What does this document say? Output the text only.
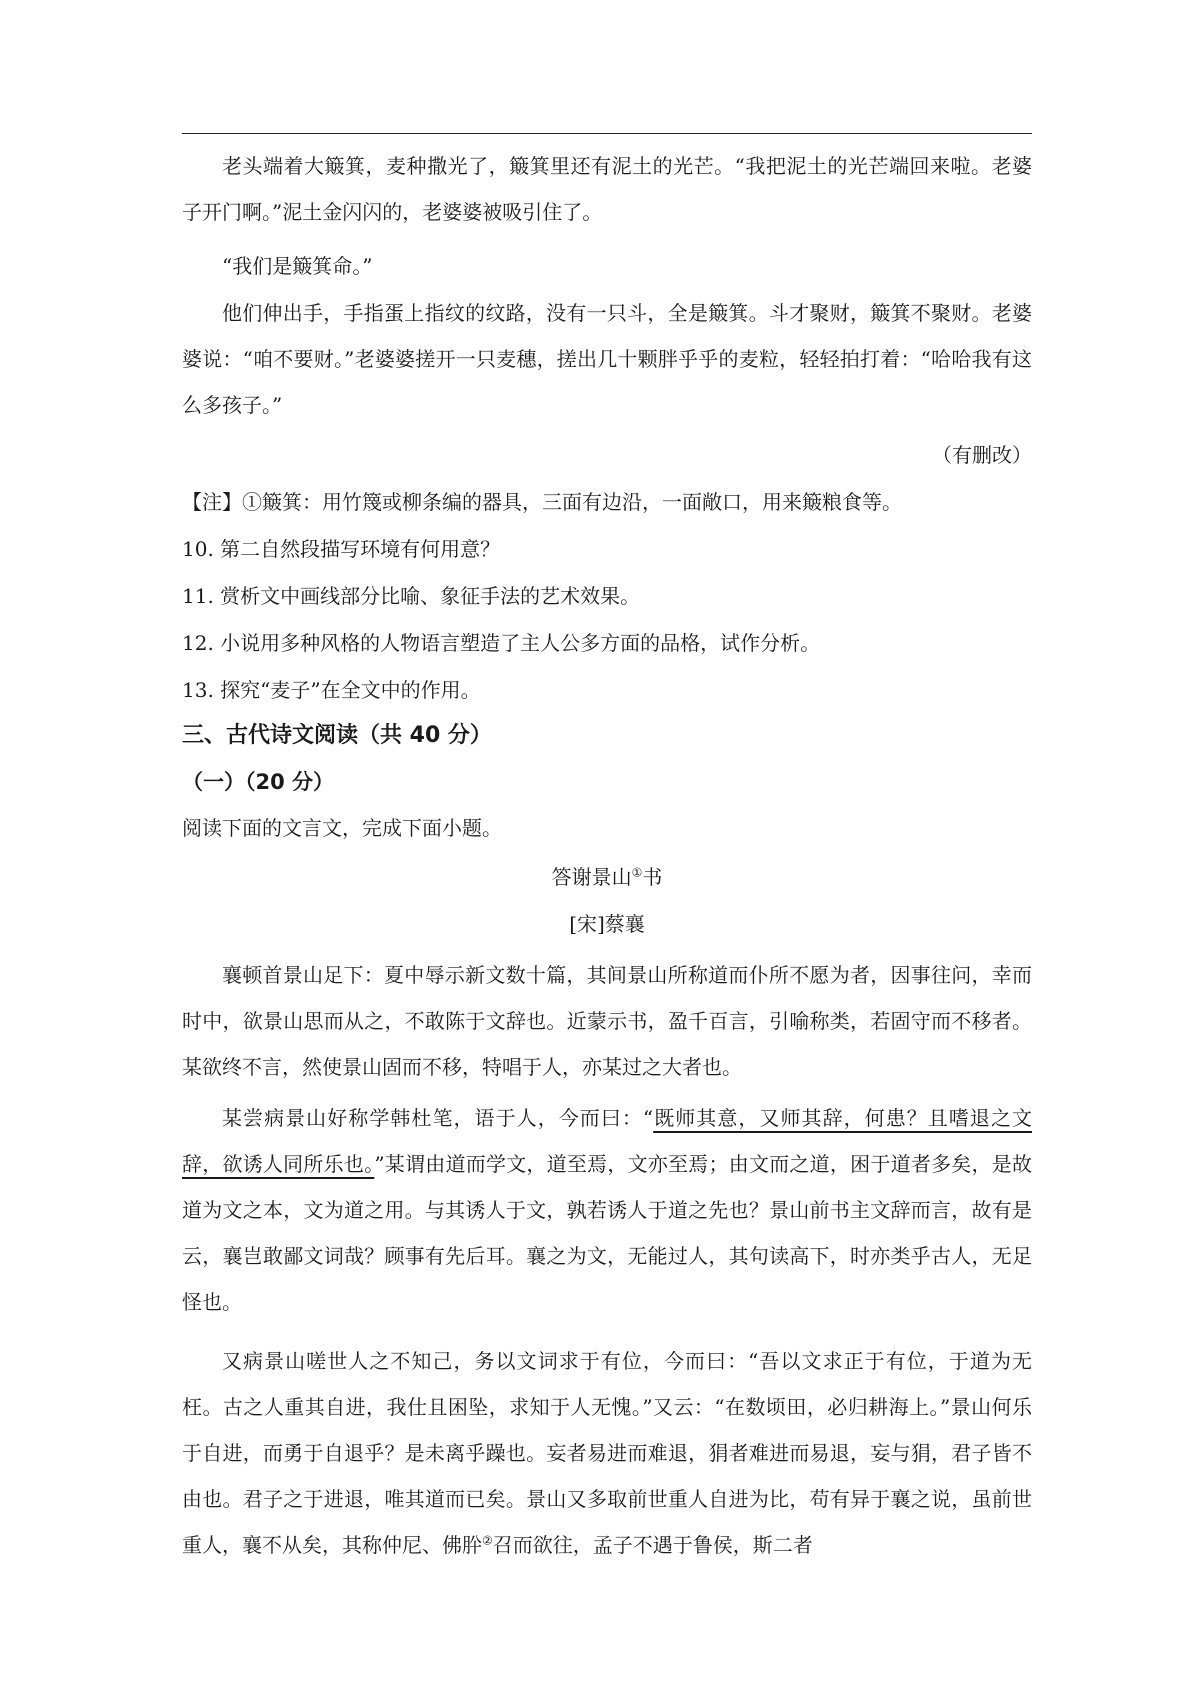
老头端着大簸箕，麦种撒光了，簸箕里还有泥土的光芒。“我把泥土的光芒端回来啦。老婆子开门啊。”泥土金闪闪的，老婆婆被吸引住了。

“我们是簸箕命。”

他们伸出手，手指蛋上指纹的纹路，没有一只斗，全是簸箕。斗才聚财，簸箕不聚财。老婆婆说：“咱不要财。”老婆婆搓开一只麦穗，搓出几十颗胖乎乎的麦粒，轻轻拍打着：“哈哈我有这么多孩子。”

（有删改）
【注】①簸箕：用竹篾或柳条编的器具，三面有边沿，一面敞口，用来簸粮食等。
10. 第二自然段描写环境有何用意？
11. 赏析文中画线部分比喻、象征手法的艺术效果。
12. 小说用多种风格的人物语言塑造了主人公多方面的品格，试作分析。
13. 探究“麦子”在全文中的作用。
三、古代诗文阅读（共 40 分）
（一）（20 分）
阅读下面的文言文，完成下面小题。
答谢景山①书
[宋]蔡襄

襄顿首景山足下：夏中辱示新文数十篇，其间景山所称道而仆所不愿为者，因事往问，幸而时中，欲景山思而从之，不敢陈于文辞也。近蒙示书，盈千百言，引喻称类，若固守而不移者。某欲终不言，然使景山固而不移，特唱 ·于人，亦某过之大者也。

某尝病 ·景山好称学韩杜笔，语于人，今而曰：“既师其意，又师其辞，何患？且嗜退之文辞，欲诱人同所乐也。”某谓由道而学文，道至焉，文亦至焉；由文而之道，困于道者多矣，是故道为文之本，文为道之用。与其诱人于文，孰若诱人于道之先也？景山前书主文辞而言，故有是云，襄岂敢鄙文词哉？顾事有先后耳。襄之为文，无能过人，其句读高下，时亦类乎古人，无足怪也。

又病景山嗟世人之不知己，务以文词求于有位，今而曰：“吾以文求正于有位，于道为无枉。古之人重其自进，我仕且困坠，求知于人无愧。”又云：“在数顷田，必归耕海上。”景山何乐于自进，而勇于自退乎？是未离乎躁也。妄者易进而难退，狷者难进而易退，妄与狷，君子皆不由 ·也。君子之于进退，唯其道而已矣。景山又多取前世重人自进为比，苟有异于襄之说，虽前世重人，襄不从矣，其称仲尼、佛肸②召而欲往，孟子不遇于鲁侯，斯二者
